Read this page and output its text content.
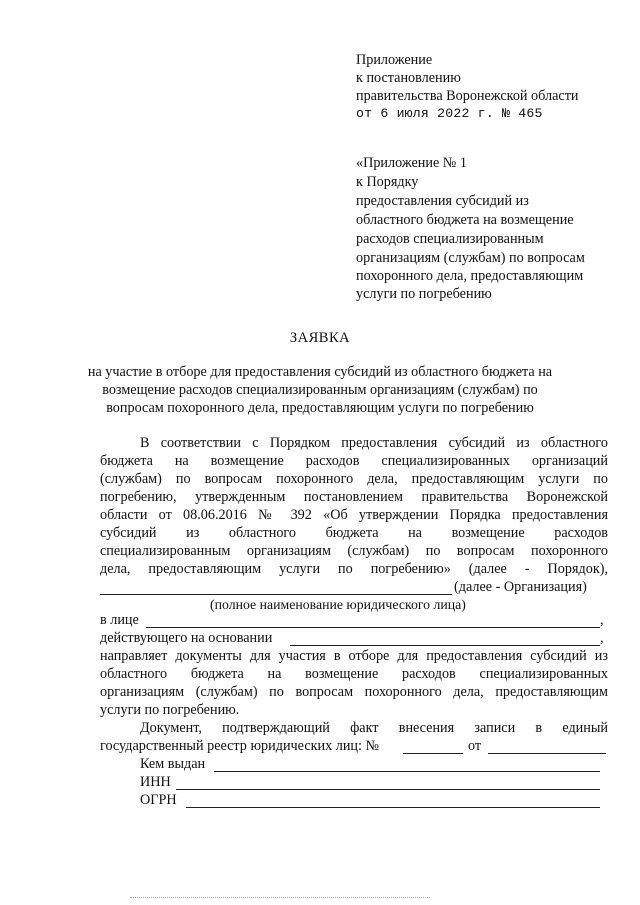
Приложение
к постановлению
правительства Воронежской области
от 6 июля 2022 г. № 465
«Приложение № 1
к Порядку
предоставления субсидий из
областного бюджета на возмещение
расходов специализированным
организациям (службам) по вопросам
похоронного дела, предоставляющим
услуги по погребению
ЗАЯВКА
на участие в отборе для предоставления субсидий из областного бюджета на
возмещение расходов специализированным организациям (службам) по
вопросам похоронного дела, предоставляющим услуги по погребению
В соответствии с Порядком предоставления субсидий из областного
бюджета на возмещение расходов специализированных организаций
(службам) по вопросам похоронного дела, предоставляющим услуги по
погребению, утвержденным постановлением правительства Воронежской
области от 08.06.2016 № 392 «Об утверждении Порядка предоставления
субсидий из областного бюджета на возмещение расходов
специализированным организациям (службам) по вопросам похоронного
дела, предоставляющим услуги по погребению» (далее - Порядок),
(далее - Организация)
(полное наименование юридического лица)
в лице	,
действующего на основании	,
направляет документы для участия в отборе для предоставления субсидий из
областного бюджета на возмещение расходов специализированных
организациям (службам) по вопросам похоронного дела, предоставляющим
услуги по погребению.
Документ, подтверждающий факт внесения записи в единый
государственный реестр юридических лиц: №	от
Кем выдан
ИНН
ОГРН
